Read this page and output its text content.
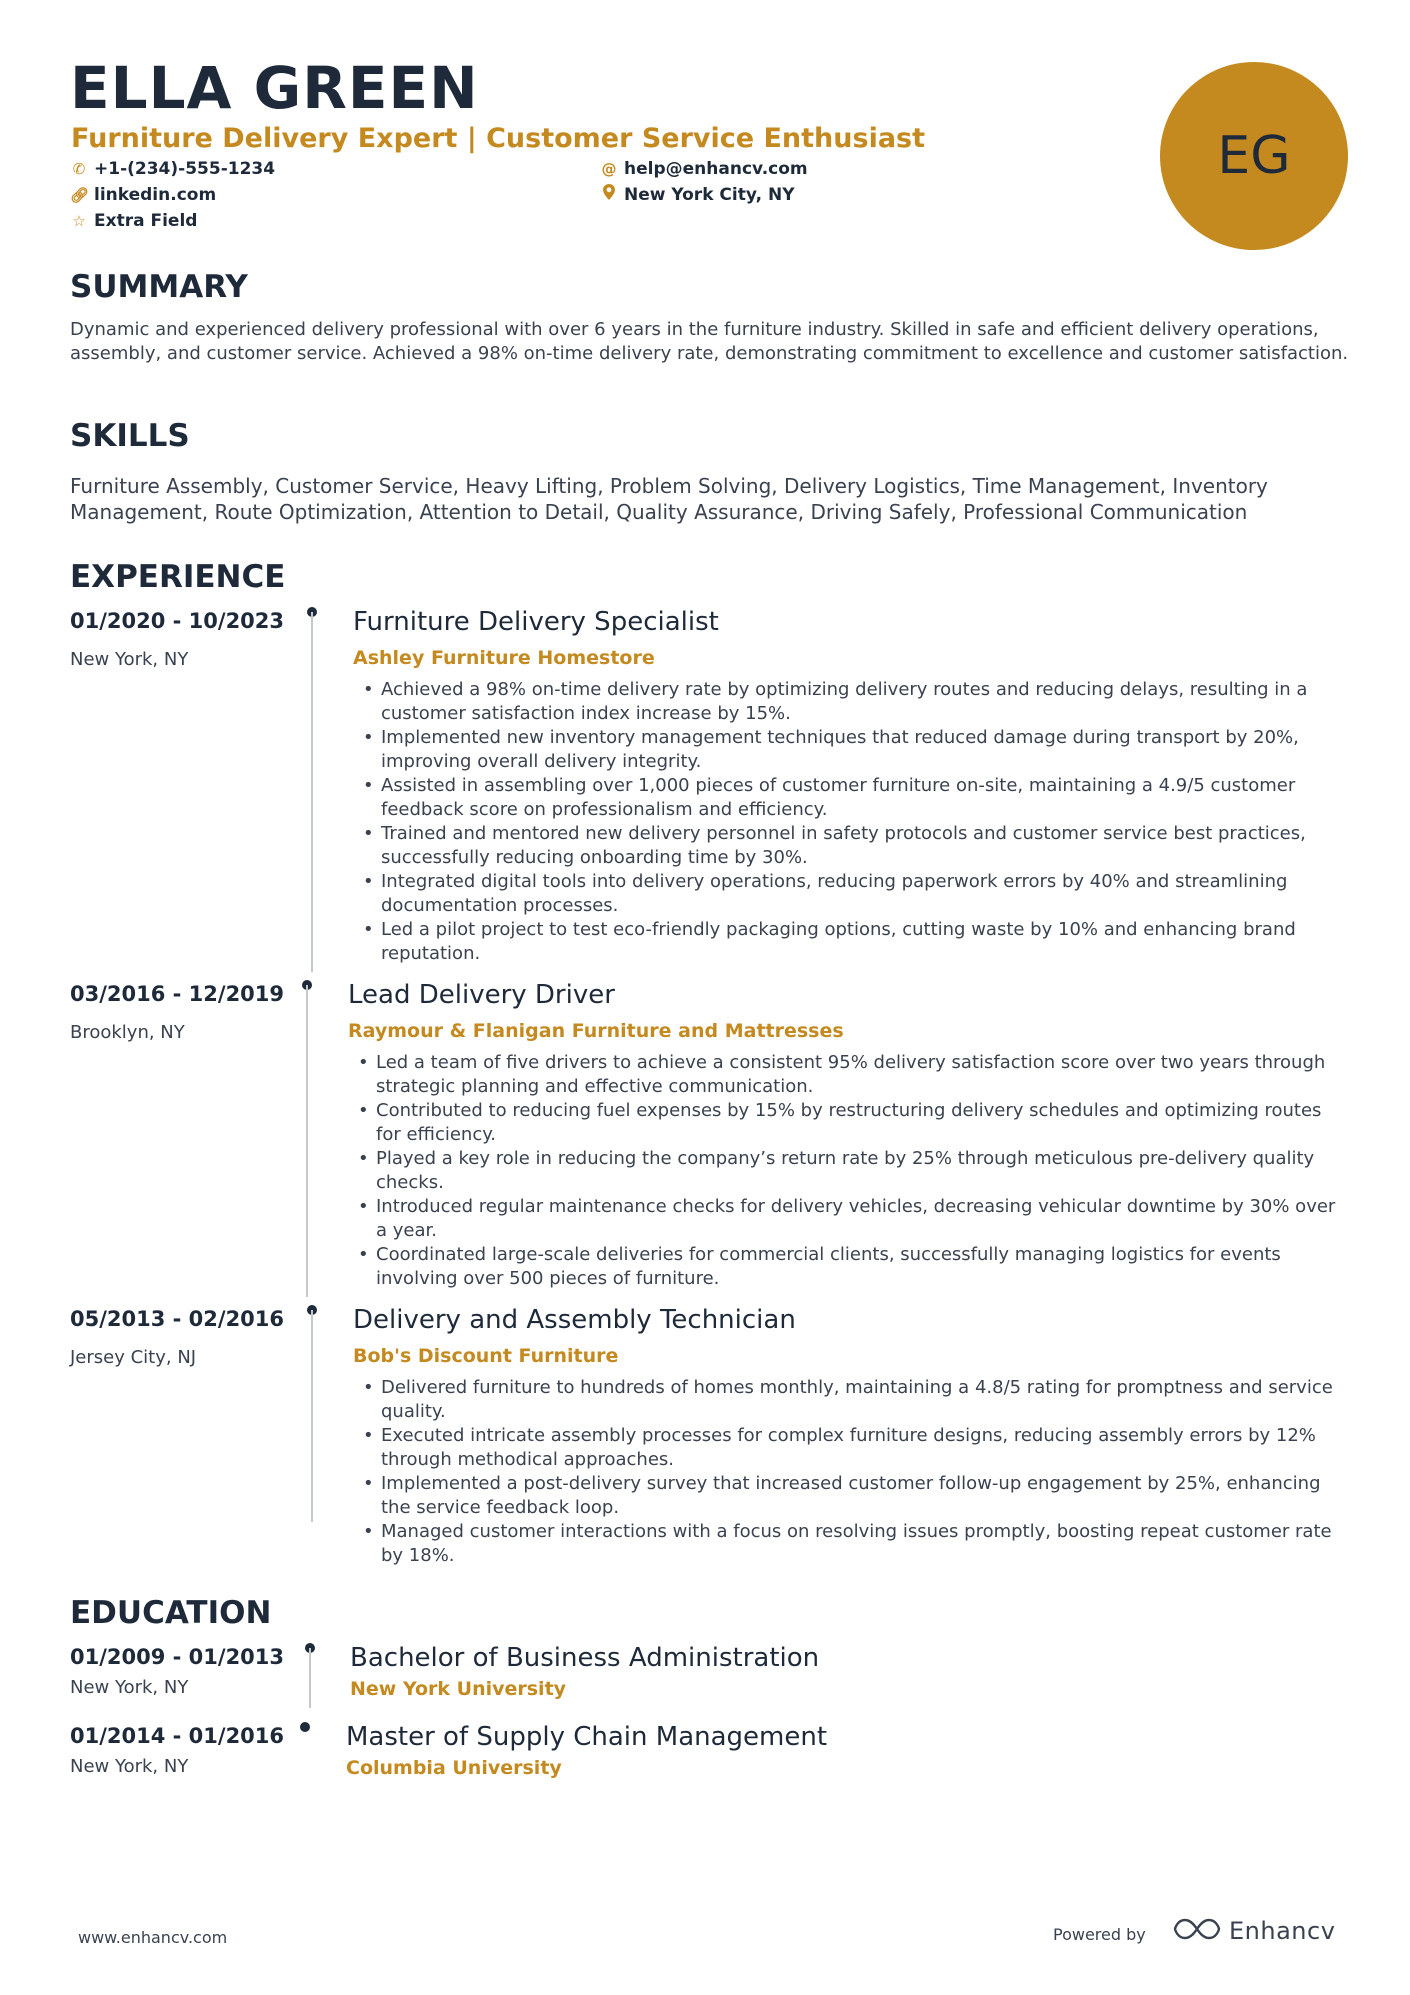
ELLA GREEN
Furniture Delivery Expert | Customer Service Enthusiast
✆ +1-(234)-555-1234	@ help@enhancv.com
🔗︎ linkedin.com	New York City, NY
☆ Extra Field
EG
SUMMARY
Dynamic and experienced delivery professional with over 6 years in the furniture industry. Skilled in safe and efficient delivery operations, assembly, and customer service. Achieved a 98% on-time delivery rate, demonstrating commitment to excellence and customer satisfaction.
SKILLS
Furniture Assembly, Customer Service, Heavy Lifting, Problem Solving, Delivery Logistics, Time Management, Inventory Management, Route Optimization, Attention to Detail, Quality Assurance, Driving Safely, Professional Communication
EXPERIENCE
01/2020 - 10/2023
New York, NY
Furniture Delivery Specialist
Ashley Furniture Homestore
• Achieved a 98% on-time delivery rate by optimizing delivery routes and reducing delays, resulting in a customer satisfaction index increase by 15%.
• Implemented new inventory management techniques that reduced damage during transport by 20%, improving overall delivery integrity.
• Assisted in assembling over 1,000 pieces of customer furniture on-site, maintaining a 4.9/5 customer feedback score on professionalism and efficiency.
• Trained and mentored new delivery personnel in safety protocols and customer service best practices, successfully reducing onboarding time by 30%.
• Integrated digital tools into delivery operations, reducing paperwork errors by 40% and streamlining documentation processes.
• Led a pilot project to test eco-friendly packaging options, cutting waste by 10% and enhancing brand reputation.
03/2016 - 12/2019
Brooklyn, NY
Lead Delivery Driver
Raymour & Flanigan Furniture and Mattresses
• Led a team of five drivers to achieve a consistent 95% delivery satisfaction score over two years through strategic planning and effective communication.
• Contributed to reducing fuel expenses by 15% by restructuring delivery schedules and optimizing routes for efficiency.
• Played a key role in reducing the company’s return rate by 25% through meticulous pre-delivery quality checks.
• Introduced regular maintenance checks for delivery vehicles, decreasing vehicular downtime by 30% over a year.
• Coordinated large-scale deliveries for commercial clients, successfully managing logistics for events involving over 500 pieces of furniture.
05/2013 - 02/2016
Jersey City, NJ
Delivery and Assembly Technician
Bob's Discount Furniture
• Delivered furniture to hundreds of homes monthly, maintaining a 4.8/5 rating for promptness and service quality.
• Executed intricate assembly processes for complex furniture designs, reducing assembly errors by 12% through methodical approaches.
• Implemented a post-delivery survey that increased customer follow-up engagement by 25%, enhancing the service feedback loop.
• Managed customer interactions with a focus on resolving issues promptly, boosting repeat customer rate by 18%.
EDUCATION
01/2009 - 01/2013
New York, NY
Bachelor of Business Administration
New York University
01/2014 - 01/2016
New York, NY
Master of Supply Chain Management
Columbia University
www.enhancv.com	Powered by	Enhancv
